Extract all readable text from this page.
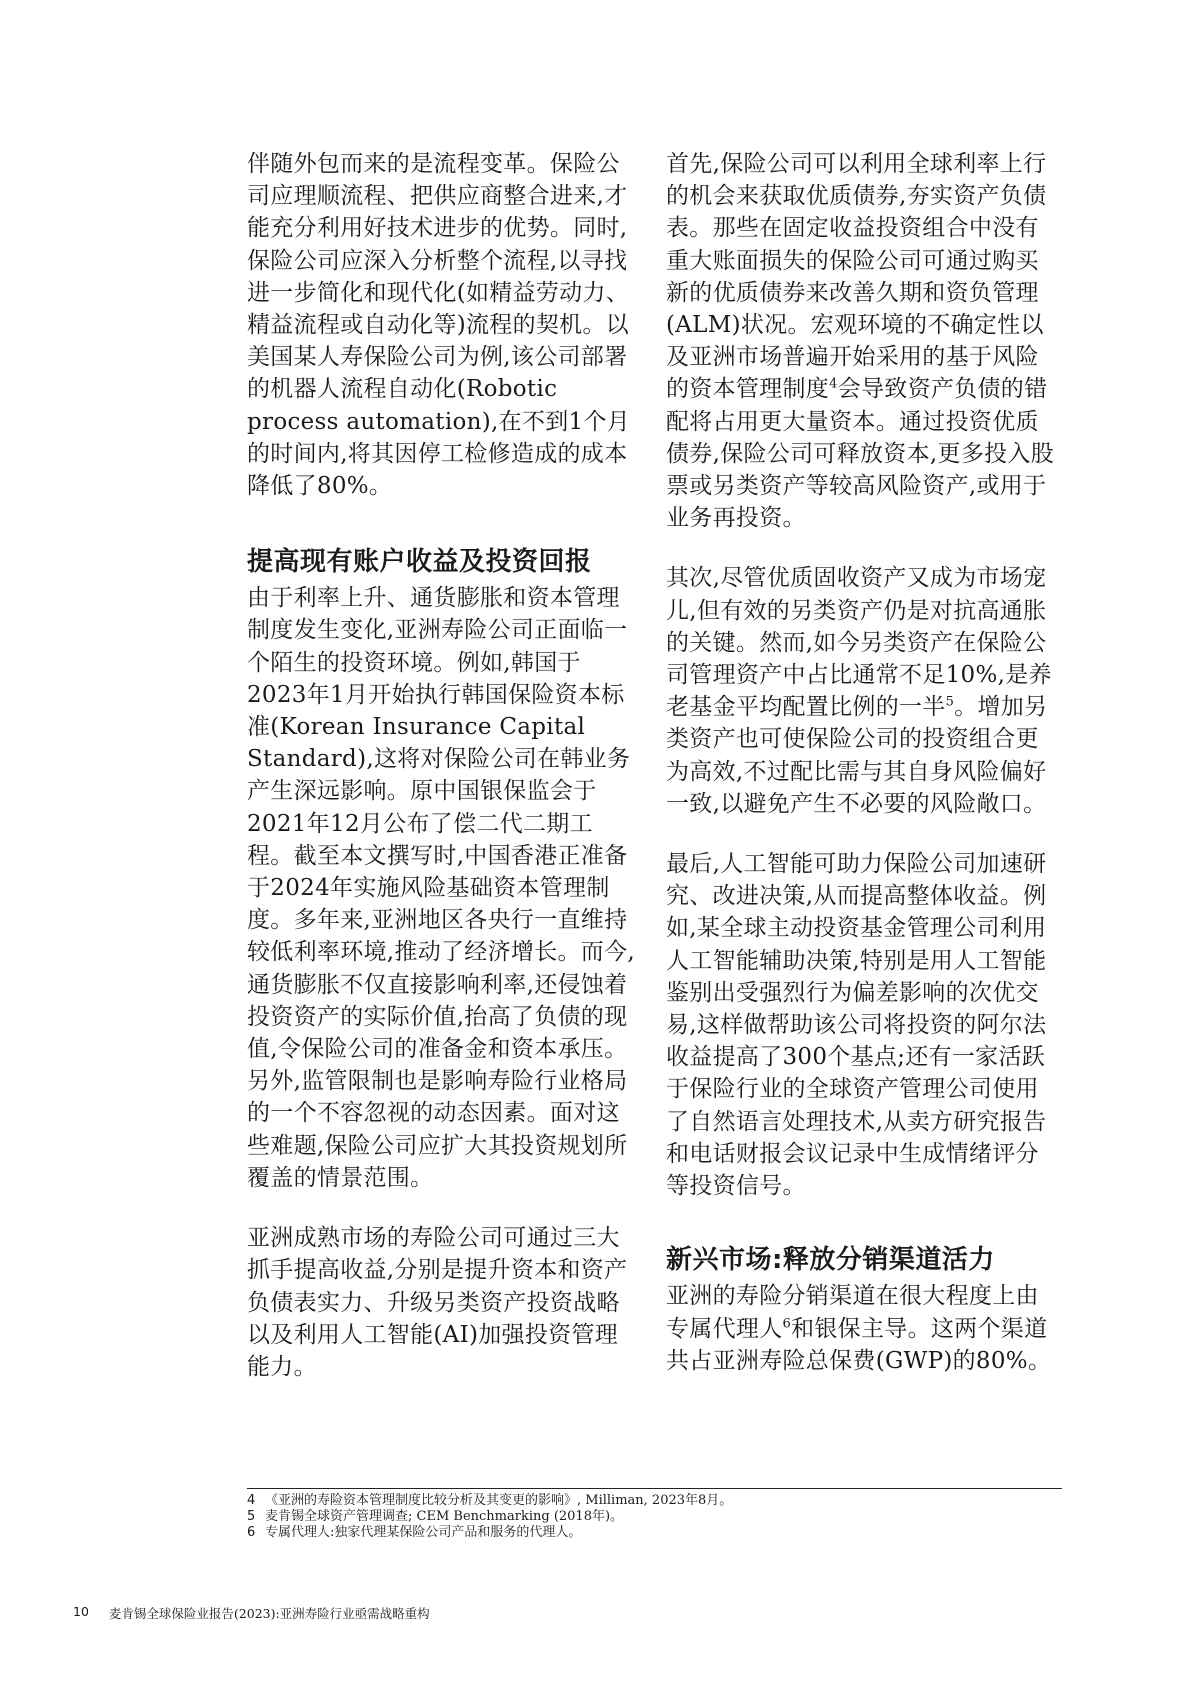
伴随外包而来的是流程变革。保险公司应理顺流程、把供应商整合进来,才能充分利用好技术进步的优势。同时,保险公司应深入分析整个流程,以寻找进一步简化和现代化(如精益劳动力、精益流程或自动化等)流程的契机。以美国某人寿保险公司为例,该公司部署的机器人流程自动化(Robotic process automation),在不到1个月的时间内,将其因停工检修造成的成本降低了80%。

提高现有账户收益及投资回报

由于利率上升、通货膨胀和资本管理制度发生变化,亚洲寿险公司正面临一个陌生的投资环境。例如,韩国于2023年1月开始执行韩国保险资本标准(Korean Insurance Capital Standard),这将对保险公司在韩业务产生深远影响。原中国银保监会于2021年12月公布了偿二代二期工程。截至本文撰写时,中国香港正准备于2024年实施风险基础资本管理制度。多年来,亚洲地区各央行一直维持较低利率环境,推动了经济增长。而今,通货膨胀不仅直接影响利率,还侵蚀着投资资产的实际价值,抬高了负债的现值,令保险公司的准备金和资本承压。另外,监管限制也是影响寿险行业格局的一个不容忽视的动态因素。面对这些难题,保险公司应扩大其投资规划所覆盖的情景范围。

亚洲成熟市场的寿险公司可通过三大抓手提高收益,分别是提升资本和资产负债表实力、升级另类资产投资战略以及利用人工智能(AI)加强投资管理能力。

首先,保险公司可以利用全球利率上行的机会来获取优质债券,夯实资产负债表。那些在固定收益投资组合中没有重大账面损失的保险公司可通过购买新的优质债券来改善久期和资负管理(ALM)状况。宏观环境的不确定性以及亚洲市场普遍开始采用的基于风险的资本管理制度$^4$会导致资产负债的错配将占用更大量资本。通过投资优质债券,保险公司可释放资本,更多投入股票或另类资产等较高风险资产,或用于业务再投资。

其次,尽管优质固收资产又成为市场宠儿,但有效的另类资产仍是对抗高通胀的关键。然而,如今另类资产在保险公司管理资产中占比通常不足10%,是养老基金平均配置比例的一半$^5$。增加另类资产也可使保险公司的投资组合更为高效,不过配比需与其自身风险偏好一致,以避免产生不必要的风险敞口。

最后,人工智能可助力保险公司加速研究、改进决策,从而提高整体收益。例如,某全球主动投资基金管理公司利用人工智能辅助决策,特别是用人工智能鉴别出受强烈行为偏差影响的次优交易,这样做帮助该公司将投资的阿尔法收益提高了300个基点;还有一家活跃于保险行业的全球资产管理公司使用了自然语言处理技术,从卖方研究报告和电话财报会议记录中生成情绪评分等投资信号。

新兴市场:释放分销渠道活力

亚洲的寿险分销渠道在很大程度上由专属代理人$^6$和银保主导。这两个渠道共占亚洲寿险总保费(GWP)的80%。

4 《亚洲的寿险资本管理制度比较分析及其变更的影响》, Milliman, 2023年8月。
5 麦肯锡全球资产管理调查; CEM Benchmarking (2018年)。
6 专属代理人:独家代理某保险公司产品和服务的代理人。
10 麦肯锡全球保险业报告(2023):亚洲寿险行业亟需战略重构
